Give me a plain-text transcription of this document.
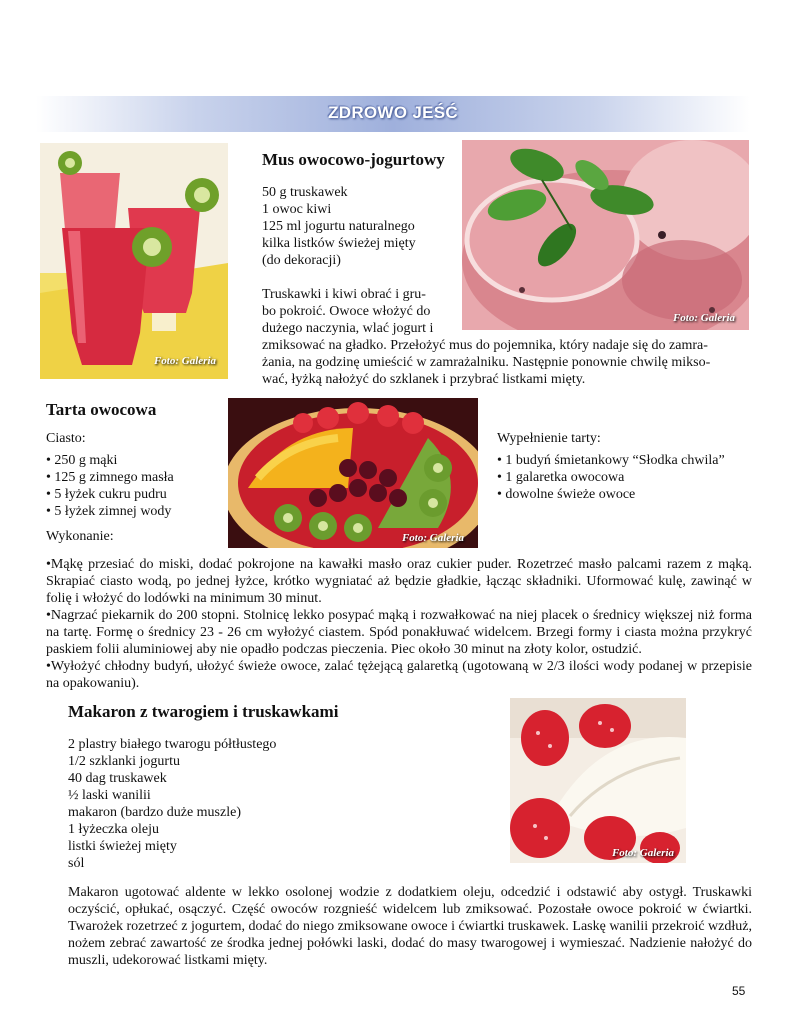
ZDROWO JEŚĆ
Foto: Galeria
Mus owocowo-jogurtowy
50 g truskawek
1 owoc kiwi
125 ml jogurtu naturalnego
kilka listków świeżej mięty
(do dekoracji)
Truskawki i kiwi obrać i gru-
bo pokroić. Owoce włożyć do
dużego naczynia, wlać jogurt i
zmiksować na gładko. Przełożyć mus do pojemnika, który nadaje się do zamra-
żania, na godzinę umieścić w zamrażalniku. Następnie ponownie chwilę mikso-
wać, łyżką nałożyć do szklanek i przybrać listkami mięty.
Foto: Galeria
Tarta owocowa
Ciasto:
• 250 g mąki
• 125 g zimnego masła
• 5 łyżek cukru pudru
• 5 łyżek zimnej wody
Wykonanie:	Foto: Galeria
Wypełnienie tarty:
• 1 budyń śmietankowy “Słodka chwila”
• 1 galaretka owocowa
• dowolne świeże owoce
•Mąkę przesiać do miski, dodać pokrojone na kawałki masło oraz cukier puder. Rozetrzeć masło palcami razem z mąką. Skrapiać ciasto wodą, po jednej łyżce, krótko wygniatać aż będzie gładkie, łącząc składniki. Uformować kulę, zawinąć w folię i włożyć do lodówki na minimum 30 minut.
•Nagrzać piekarnik do 200 stopni. Stolnicę lekko posypać mąką i rozwałkować na niej placek o średnicy większej niż forma na tartę. Formę o średnicy 23 - 26 cm wyłożyć ciastem. Spód ponakłuwać widelcem. Brzegi formy i ciasta można przykryć paskiem folii aluminiowej aby nie opadło podczas pieczenia. Piec około 30 minut na złoty kolor, ostudzić.
•Wyłożyć chłodny budyń, ułożyć świeże owoce, zalać tężejącą galaretką (ugotowaną w 2/3 ilości wody podanej w przepisie na opakowaniu).
Makaron z twarogiem i truskawkami
2 plastry białego twarogu półtłustego
1/2 szklanki jogurtu
40 dag truskawek
½ laski wanilii
makaron (bardzo duże muszle)
1 łyżeczka oleju
listki świeżej mięty
sól
Foto: Galeria
Makaron ugotować aldente w lekko osolonej wodzie z dodatkiem oleju, odcedzić i odstawić aby ostygł. Truskawki oczyścić, opłukać, osączyć. Część owoców rozgnieść widelcem lub zmiksować. Pozostałe owoce pokroić w ćwiartki. Twarożek rozetrzeć z jogurtem, dodać do niego zmiksowane owoce i ćwiartki truskawek. Laskę wanilii przekroić wzdłuż, nożem zebrać zawartość ze środka jednej połówki laski, dodać do masy twarogowej i wymieszać. Nadzienie nałożyć do muszli, udekorować listkami mięty.
55
